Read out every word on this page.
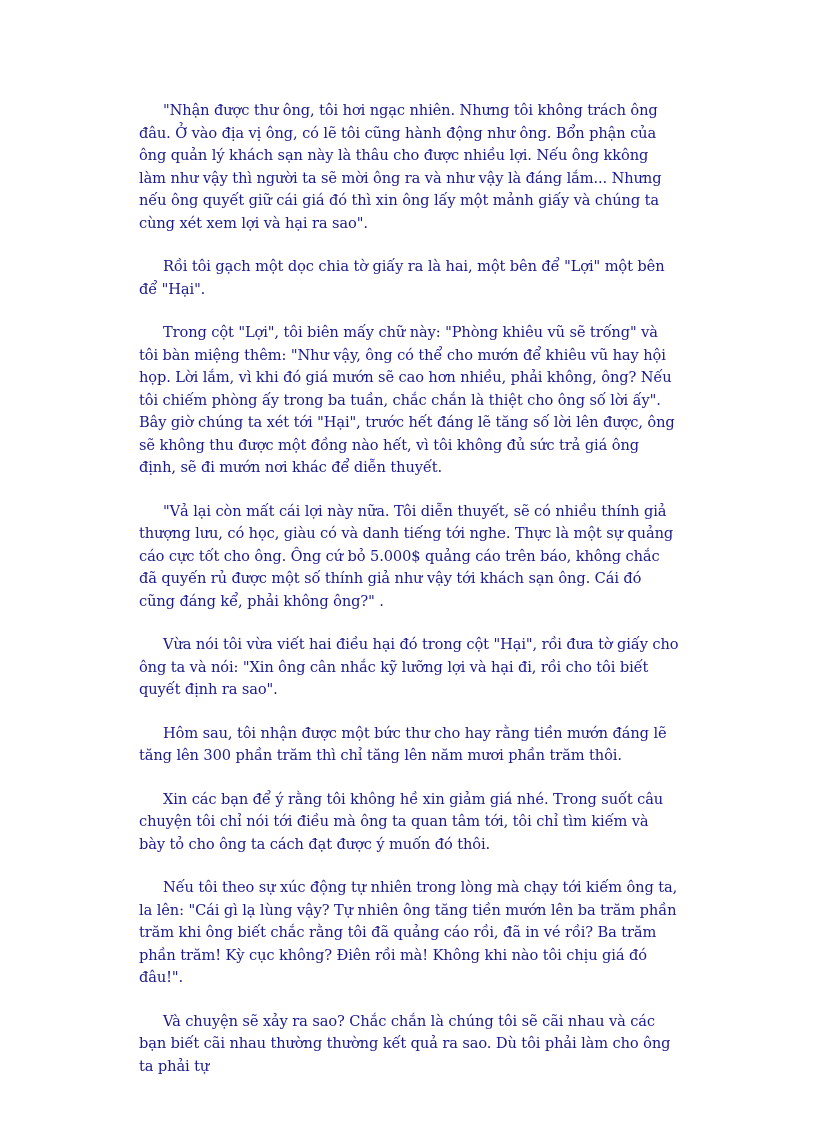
"Nhận được thư ông, tôi hơi ngạc nhiên. Nhưng tôi không trách ông đâu. Ở vào địa vị ông, có lẽ tôi cũng hành động như ông. Bổn phận của ông quản lý khách sạn này là thâu cho được nhiều lợi. Nếu ông kkông làm như vậy thì người ta sẽ mời ông ra và như vậy là đáng lắm... Nhưng nếu ông quyết giữ cái giá đó thì xin ông lấy một mảnh giấy và chúng ta cùng xét xem lợi và hại ra sao".

Rồi tôi gạch một dọc chia tờ giấy ra là hai, một bên để "Lợi" một bên để "Hại".

Trong cột "Lợi", tôi biên mấy chữ này: "Phòng khiêu vũ sẽ trống" và tôi bàn miệng thêm: "Như vậy, ông có thể cho mướn để khiêu vũ hay hội họp. Lời lắm, vì khi đó giá mướn sẽ cao hơn nhiều, phải không, ông? Nếu tôi chiếm phòng ấy trong ba tuần, chắc chắn là thiệt cho ông số lời ấy". Bây giờ chúng ta xét tới "Hại", trước hết đáng lẽ tăng số lời lên được, ông sẽ không thu được một đồng nào hết, vì tôi không đủ sức trả giá ông định, sẽ đi mướn nơi khác để diễn thuyết.

"Vả lại còn mất cái lợi này nữa. Tôi diễn thuyết, sẽ có nhiều thính giả thượng lưu, có học, giàu có và danh tiếng tới nghe. Thực là một sự quảng cáo cực tốt cho ông. Ông cứ bỏ 5.000$ quảng cáo trên báo, không chắc đã quyến rủ được một số thính giả như vậy tới khách sạn ông. Cái đó cũng đáng kể, phải không ông?" .

Vừa nói tôi vừa viết hai điều hại đó trong cột "Hại", rồi đưa tờ giấy cho ông ta và nói: "Xin ông cân nhắc kỹ lưỡng lợi và hại đi, rồi cho tôi biết quyết định ra sao".

Hôm sau, tôi nhận được một bức thư cho hay rằng tiền mướn đáng lẽ tăng lên 300 phần trăm thì chỉ tăng lên năm mươi phần trăm thôi.

Xin các bạn để ý rằng tôi không hề xin giảm giá nhé. Trong suốt câu chuyện tôi chỉ nói tới điều mà ông ta quan tâm tới, tôi chỉ tìm kiếm và bày tỏ cho ông ta cách đạt được ý muốn đó thôi.

Nếu tôi theo sự xúc động tự nhiên trong lòng mà chạy tới kiếm ông ta, la lên: "Cái gì lạ lùng vậy? Tự nhiên ông tăng tiền mướn lên ba trăm phần trăm khi ông biết chắc rằng tôi đã quảng cáo rồi, đã in vé rồi? Ba trăm phần trăm! Kỳ cục không? Điên rồi mà! Không khi nào tôi chịu giá đó đâu!".

Và chuyện sẽ xảy ra sao? Chắc chắn là chúng tôi sẽ cãi nhau và các bạn biết cãi nhau thường thường kết quả ra sao. Dù tôi phải làm cho ông ta phải tự
